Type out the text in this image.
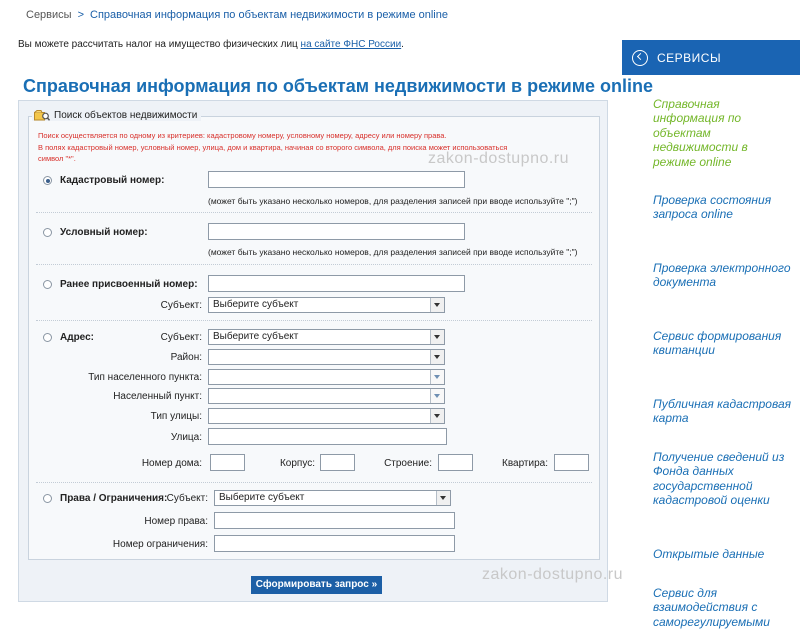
Сервисы > Справочная информация по объектам недвижимости в режиме online
Вы можете рассчитать налог на имущество физических лиц на сайте ФНС России.
Справочная информация по объектам недвижимости в режиме online
Поиск объектов недвижимости
Поиск осуществляется по одному из критериев: кадастровому номеру, условному номеру, адресу или номеру права.
В полях кадастровый номер, условный номер, улица, дом и квартира, начиная со второго символа, для поиска может использоваться
символ "*".
Кадастровый номер:
(может быть указано несколько номеров, для разделения записей при вводе используйте ";")
Условный номер:
(может быть указано несколько номеров, для разделения записей при вводе используйте ";")
Ранее присвоенный номер:
Субъект:	Выберите субъект
Адрес:	Субъект:	Выберите субъект
Район:
Тип населенного пункта:
Населенный пункт:
Тип улицы:
Улица:
Номер дома:	Корпус:	Строение:	Квартира:
Права / Ограничения: Субъект:	Выберите субъект
Номер права:
Номер ограничения:
Сформировать запрос »
zakon-dostupno.ru
zakon-dostupno.ru
СЕРВИСЫ
Справочная информация по объектам недвижимости в режиме online
Проверка состояния запроса online
Проверка электронного документа
Сервис формирования квитанции
Публичная кадастровая карта
Получение сведений из Фонда данных государственной кадастровой оценки
Открытые данные
Сервис для взаимодействия с саморегулируемыми
